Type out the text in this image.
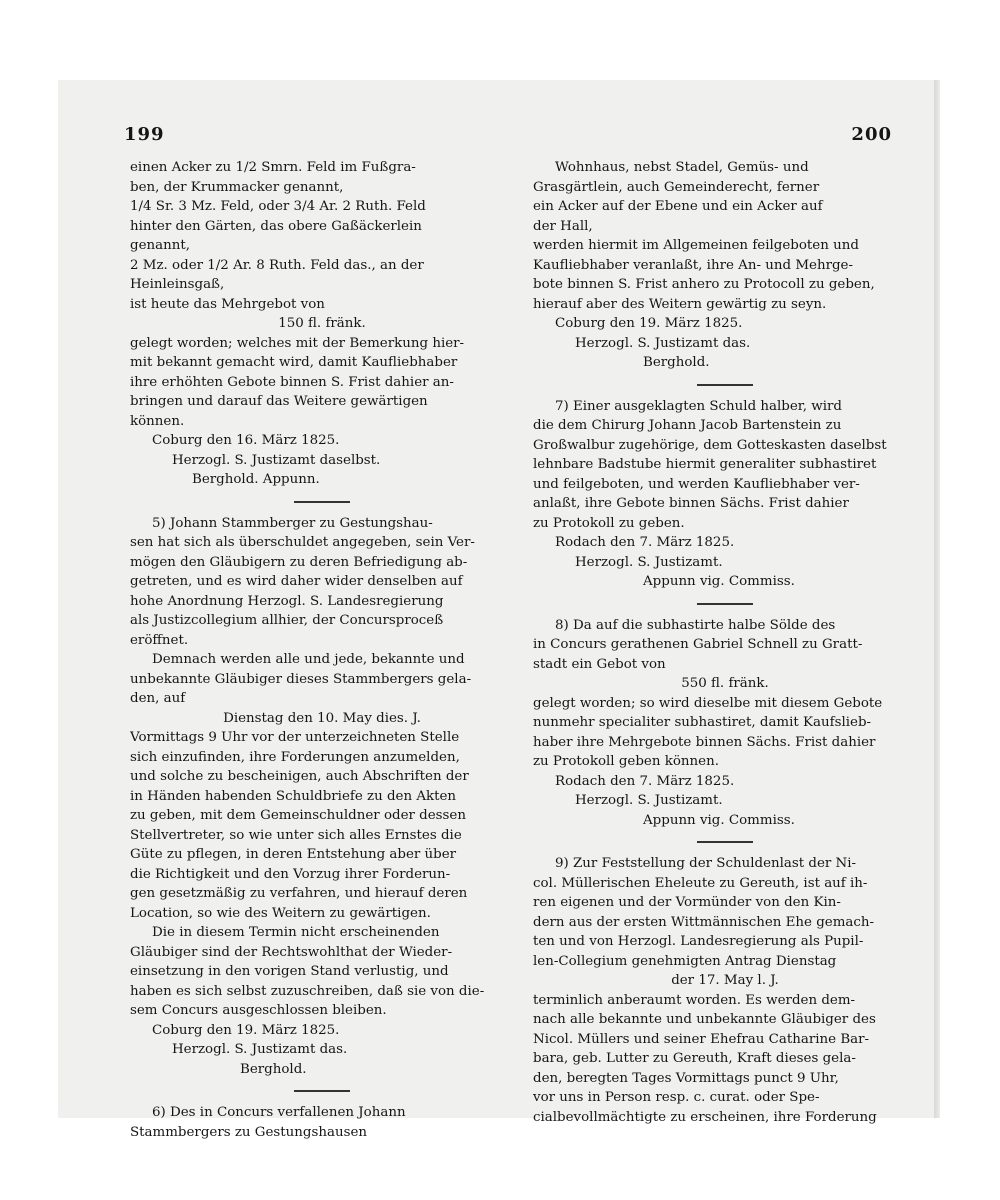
199	200
einen Acker zu 1/2 Smrn. Feld im Fußgra-
ben, der Krummacker genannt,
1/4 Sr. 3 Mz. Feld, oder 3/4 Ar. 2 Ruth. Feld
hinter den Gärten, das obere Gaßäckerlein
genannt,
2 Mz. oder 1/2 Ar. 8 Ruth. Feld das., an der
Heinleinsgaß,
ist heute das Mehrgebot von
150 fl. fränk.
gelegt worden; welches mit der Bemerkung hier-
mit bekannt gemacht wird, damit Kaufliebhaber
ihre erhöhten Gebote binnen S. Frist dahier an-
bringen und darauf das Weitere gewärtigen
können.
Coburg den 16. März 1825.
Herzogl. S. Justizamt daselbst.
Berghold. Appunn.
5) Johann Stammberger zu Gestungshau-
sen hat sich als überschuldet angegeben, sein Ver-
mögen den Gläubigern zu deren Befriedigung ab-
getreten, und es wird daher wider denselben auf
hohe Anordnung Herzogl. S. Landesregierung
als Justizcollegium allhier, der Concursproceß
eröffnet.
Demnach werden alle und jede, bekannte und
unbekannte Gläubiger dieses Stammbergers gela-
den, auf
Dienstag den 10. May dies. J.
Vormittags 9 Uhr vor der unterzeichneten Stelle
sich einzufinden, ihre Forderungen anzumelden,
und solche zu bescheinigen, auch Abschriften der
in Händen habenden Schuldbriefe zu den Akten
zu geben, mit dem Gemeinschuldner oder dessen
Stellvertreter, so wie unter sich alles Ernstes die
Güte zu pflegen, in deren Entstehung aber über
die Richtigkeit und den Vorzug ihrer Forderun-
gen gesetzmäßig zu verfahren, und hierauf deren
Location, so wie des Weitern zu gewärtigen.
Die in diesem Termin nicht erscheinenden
Gläubiger sind der Rechtswohlthat der Wieder-
einsetzung in den vorigen Stand verlustig, und
haben es sich selbst zuzuschreiben, daß sie von die-
sem Concurs ausgeschlossen bleiben.
Coburg den 19. März 1825.
Herzogl. S. Justizamt das.
Berghold.
6) Des in Concurs verfallenen Johann
Stammbergers zu Gestungshausen
Wohnhaus, nebst Stadel, Gemüs- und
Grasgärtlein, auch Gemeinderecht, ferner
ein Acker auf der Ebene und ein Acker auf
der Hall,
werden hiermit im Allgemeinen feilgeboten und
Kaufliebhaber veranlaßt, ihre An- und Mehrge-
bote binnen S. Frist anhero zu Protocoll zu geben,
hierauf aber des Weitern gewärtig zu seyn.
Coburg den 19. März 1825.
Herzogl. S. Justizamt das.
Berghold.
7) Einer ausgeklagten Schuld halber, wird
die dem Chirurg Johann Jacob Bartenstein zu
Großwalbur zugehörige, dem Gotteskasten daselbst
lehnbare Badstube hiermit generaliter subhastiret
und feilgeboten, und werden Kaufliebhaber ver-
anlaßt, ihre Gebote binnen Sächs. Frist dahier
zu Protokoll zu geben.
Rodach den 7. März 1825.
Herzogl. S. Justizamt.
Appunn vig. Commiss.
8) Da auf die subhastirte halbe Sölde des
in Concurs gerathenen Gabriel Schnell zu Gratt-
stadt ein Gebot von
550 fl. fränk.
gelegt worden; so wird dieselbe mit diesem Gebote
nunmehr specialiter subhastiret, damit Kaufslieb-
haber ihre Mehrgebote binnen Sächs. Frist dahier
zu Protokoll geben können.
Rodach den 7. März 1825.
Herzogl. S. Justizamt.
Appunn vig. Commiss.
9) Zur Feststellung der Schuldenlast der Ni-
col. Müllerischen Eheleute zu Gereuth, ist auf ih-
ren eigenen und der Vormünder von den Kin-
dern aus der ersten Wittmännischen Ehe gemach-
ten und von Herzogl. Landesregierung als Pupil-
len-Collegium genehmigten Antrag Dienstag
der 17. May l. J.
terminlich anberaumt worden. Es werden dem-
nach alle bekannte und unbekannte Gläubiger des
Nicol. Müllers und seiner Ehefrau Catharine Bar-
bara, geb. Lutter zu Gereuth, Kraft dieses gela-
den, beregten Tages Vormittags punct 9 Uhr,
vor uns in Person resp. c. curat. oder Spe-
cialbevollmächtigte zu erscheinen, ihre Forderung
